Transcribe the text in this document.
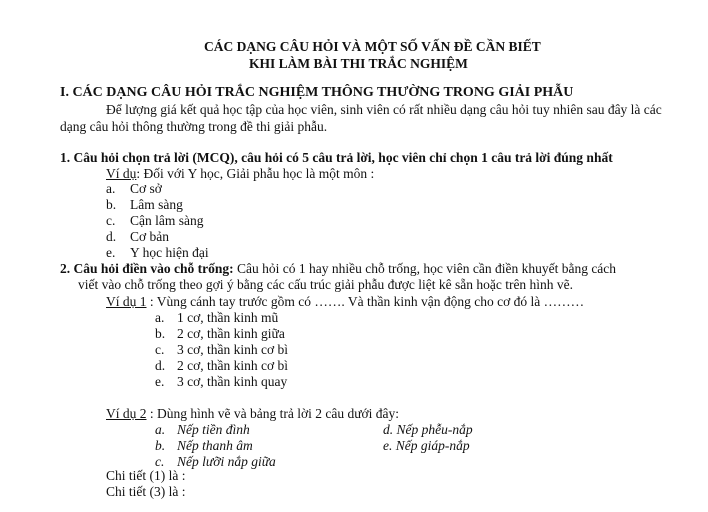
CÁC DẠNG CÂU HỎI VÀ MỘT SỐ VẤN ĐỀ CẦN BIẾT
KHI LÀM BÀI THI TRẮC NGHIỆM
I. CÁC DẠNG CÂU HỎI TRẮC NGHIỆM THÔNG THƯỜNG TRONG GIẢI PHẪU
Để lượng giá kết quả học tập của học viên, sinh viên có rất nhiều dạng câu hỏi tuy nhiên sau đây là các
dạng câu hỏi thông thường trong đề thi giải phẫu.
1. Câu hỏi chọn trả lời (MCQ), câu hỏi có 5 câu trả lời, học viên chỉ chọn 1 câu trả lời đúng nhất
Ví dụ: Đối với Y học, Giải phẫu học là một môn :
a. Cơ sở
b. Lâm sàng
c. Cận lâm sàng
d. Cơ bản
e. Y học hiện đại
2. Câu hỏi điền vào chỗ trống: Câu hỏi có 1 hay nhiều chỗ trống, học viên cần điền khuyết bằng cách
viết vào chỗ trống theo gợi ý bằng các cấu trúc giải phẫu được liệt kê sẵn hoặc trên hình vẽ.
Ví dụ 1 : Vùng cánh tay trước gồm có ……. Và thần kinh vận động cho cơ đó là ………
a. 1 cơ, thần kinh mũ
b. 2 cơ, thần kinh giữa
c. 3 cơ, thần kinh cơ bì
d. 2 cơ, thần kinh cơ bì
e. 3 cơ, thần kinh quay
Ví dụ 2 : Dùng hình vẽ và bảng trả lời 2 câu dưới đây:
a. Nếp tiền đình
b. Nếp thanh âm
c. Nếp lưỡi nắp giữa
d. Nếp phễu-nắp
e. Nếp giáp-nắp
Chi tiết (1) là :
Chi tiết (3) là :
